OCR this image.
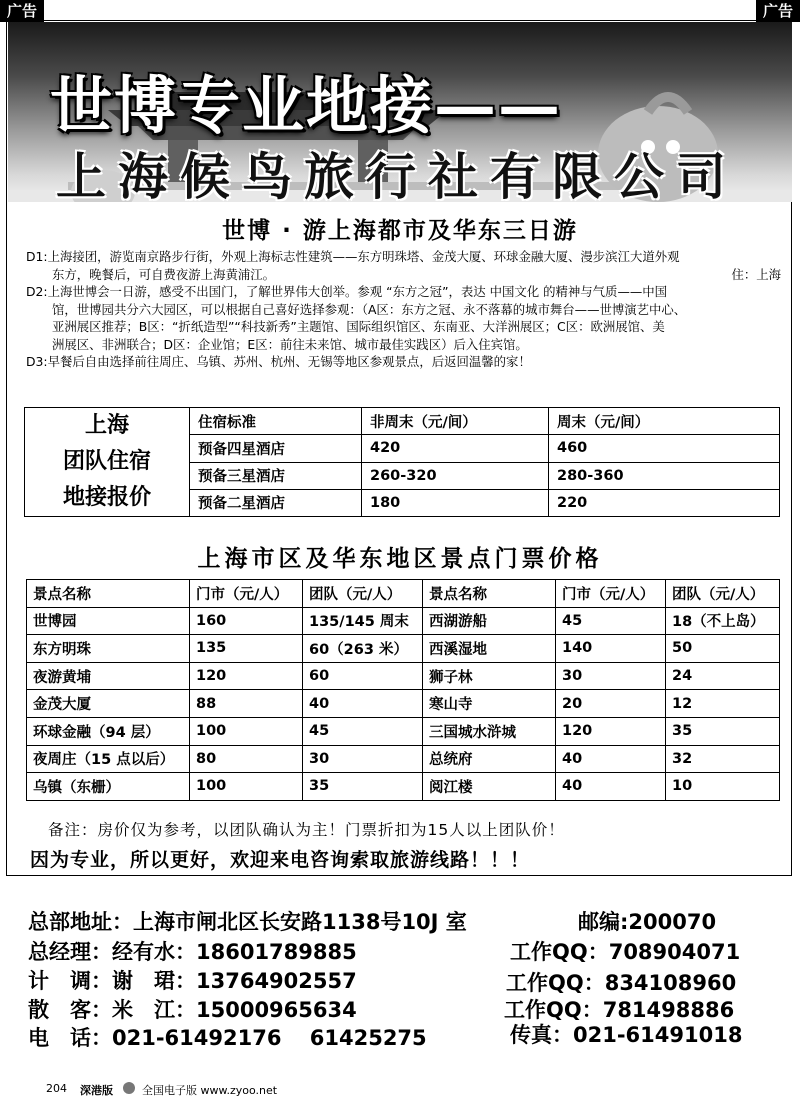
广告	广告
世博专业地接——
上海候鸟旅行社有限公司
世博 · 游上海都市及华东三日游

D1:上海接团，游览南京路步行街，外观上海标志性建筑——东方明珠塔、金茂大厦、环球金融大厦、漫步滨江大道外观

东方，晚餐后，可自费夜游上海黄浦江。	住：上海

D2:上海世博会一日游，感受不出国门，了解世界伟大创举。参观 “东方之冠”，表达 中国文化 的精神与气质——中国

馆，世博园共分六大园区，可以根据自己喜好选择参观：（A区：东方之冠、永不落幕的城市舞台——世博演艺中心、

亚洲展区推荐；B区：“折纸造型”“科技新秀”主题馆、国际组织馆区、东南亚、大洋洲展区；C区：欧洲展馆、美

洲展区、非洲联合；D区：企业馆；E区：前往未来馆、城市最佳实践区）后入住宾馆。

D3:早餐后自由选择前往周庄、乌镇、苏州、杭州、无锡等地区参观景点，后返回温馨的家！

上海
团队住宿
地接报价	住宿标准	非周末（元/间）	周末（元/间）
	预备四星酒店	420	460
	预备三星酒店	260-320	280-360
	预备二星酒店	180	220
上海市区及华东地区景点门票价格
景点名称	门市（元/人）	团队（元/人）	景点名称	门市（元/人）	团队（元/人）
世博园	160	135/145 周末	西湖游船	45	18（不上岛）
东方明珠	135	60（263 米）	西溪湿地	140	50
夜游黄埔	120	60	狮子林	30	24
金茂大厦	88	40	寒山寺	20	12
环球金融（94 层）	100	45	三国城水浒城	120	35
夜周庄（15 点以后）	80	30	总统府	40	32
乌镇（东栅）	100	35	阅江楼	40	10
备注：房价仅为参考，以团队确认为主！门票折扣为15人以上团队价！
因为专业，所以更好，欢迎来电咨询索取旅游线路！！！
总部地址：上海市闸北区长安路1138号10J 室	邮编:200070
总经理：经有水：18601789885	工作QQ：708904071
计　调：谢　珺：13764902557	工作QQ：834108960
散　客：米　江：15000965634	工作QQ：781498886
电　话：021-61492176　 61425275	传真：021-61491018
204 深港版	全国电子版 www.zyoo.net
